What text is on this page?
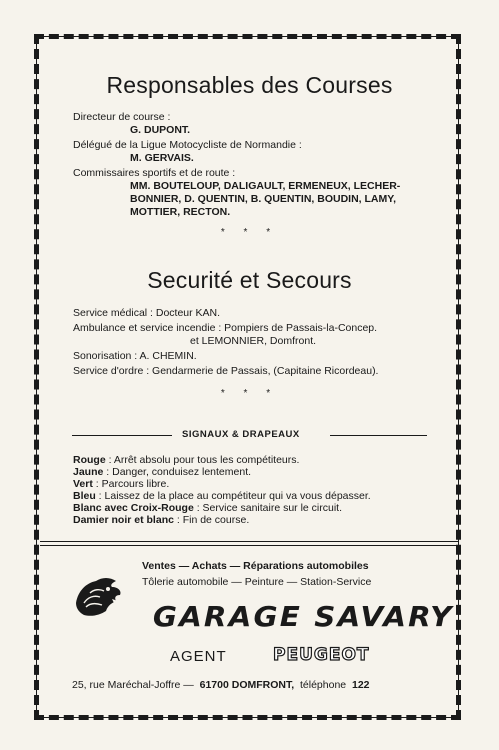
Responsables des Courses
Directeur de course :
G. DUPONT.
Délégué de la Ligue Motocycliste de Normandie :
M. GERVAIS.
Commissaires sportifs et de route :
MM. BOUTELOUP, DALIGAULT, ERMENEUX, LECHER-
BONNIER, D. QUENTIN, B. QUENTIN, BOUDIN, LAMY,
MOTTIER, RECTON.
* * *
Securité et Secours
Service médical : Docteur KAN.
Ambulance et service incendie : Pompiers de Passais-la-Concep.
et LEMONNIER, Domfront.
Sonorisation : A. CHEMIN.
Service d'ordre : Gendarmerie de Passais, (Capitaine Ricordeau).
* * *
SIGNAUX & DRAPEAUX
Rouge : Arrêt absolu pour tous les compétiteurs.
Jaune : Danger, conduisez lentement.
Vert : Parcours libre.
Bleu : Laissez de la place au compétiteur qui va vous dépasser.
Blanc avec Croix-Rouge : Service sanitaire sur le circuit.
Damier noir et blanc : Fin de course.
Ventes — Achats — Réparations automobiles
Tôlerie automobile — Peinture — Station-Service
GARAGE SAVARY
AGENT	PEUGEOT
25, rue Maréchal-Joffre — 61700 DOMFRONT, téléphone 122
